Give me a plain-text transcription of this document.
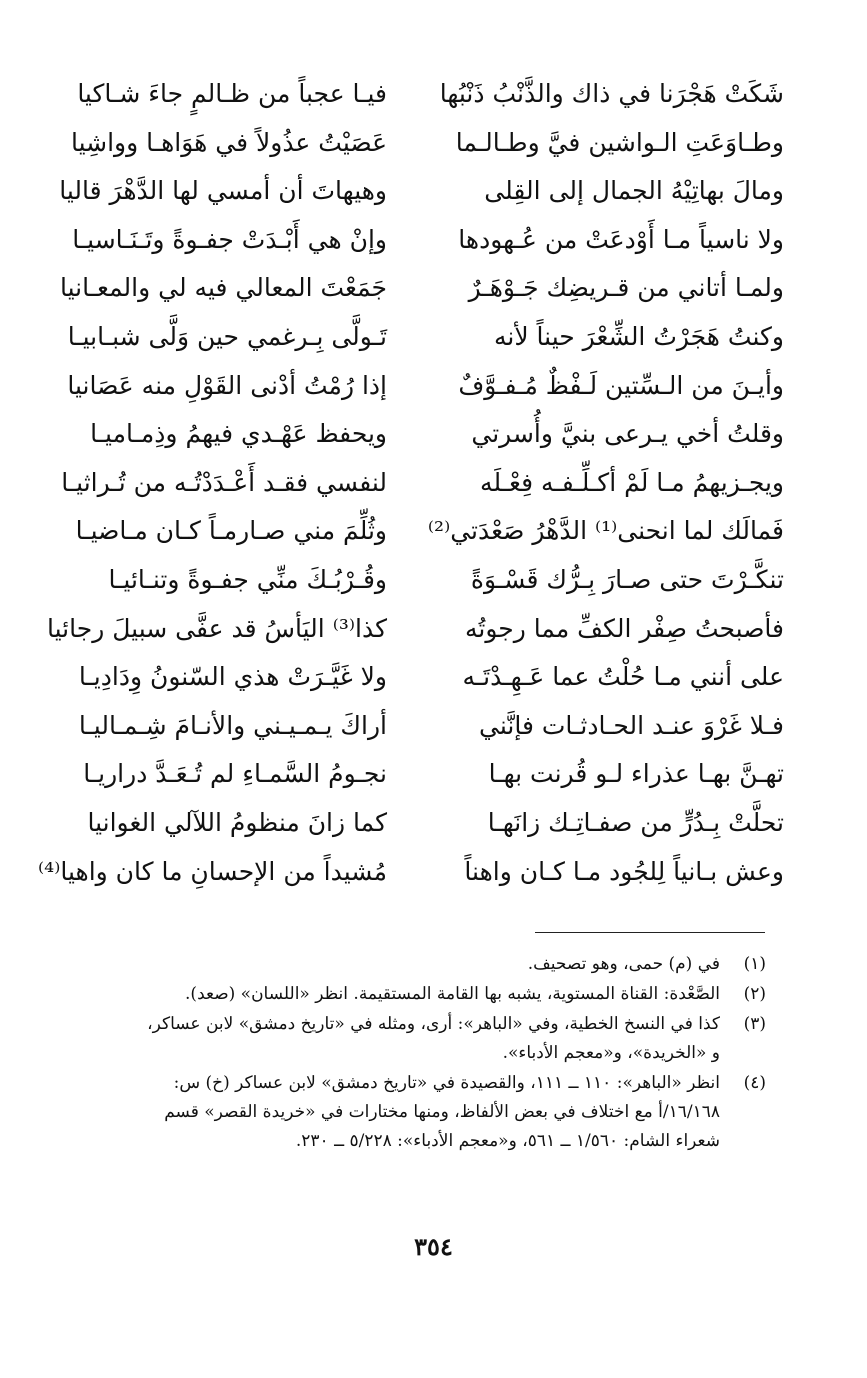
شَكَتْ هَجْرَنا في ذاك والذَّنْبُ ذَنْبُها
وطـاوَعَتِ الـواشين فيَّ وطـالـما
ومالَ بهاتِيْهُ الجمال إلى القِلى
ولا ناسياً مـا أَوْدعَتْ من عُـهودها
ولمـا أتاني من قـريضِك جَـوْهَـرٌ
وكنتُ هَجَرْتُ الشِّعْرَ حيناً لأنه
وأيـنَ من الـسِّتين لَـفْظٌ مُـفـوَّفٌ
وقلتُ أخي يـرعى بنيَّ وأُسرتي
ويجـزيهمُ مـا لَمْ أكـلِّـفـه فِعْـلَه
فَمالَك لما انحنى⁽¹⁾ الدَّهْرُ صَعْدَتي⁽²⁾
تنكَّـرْتَ حتى صـارَ بِـرُّك قَسْـوَةً
فأصبحتُ صِفْر الكفِّ مما رجوتُه
على أنني مـا حُلْتُ عما عَـهِـدْتَـه
فـلا غَرْوَ عنـد الحـادثـات فإنَّني
تهـنَّ بهـا عذراء لـو قُرنت بهـا
تحلَّتْ بِـدُرٍّ من صفـاتِـك زانَهـا
وعش بـانياً لِلجُود مـا كـان واهناً
فيـا عجباً من ظـالمٍ جاءَ شـاكيا
عَصَيْتُ عذُولاً في هَوَاهـا وواشِيا
وهيهاتَ أن أمسي لها الدَّهْرَ قاليا
وإنْ هي أَبْـدَتْ جفـوةً وتَـنَـاسيـا
جَمَعْتَ المعالي فيه لي والمعـانيا
تَـولَّى بِـرغمي حين وَلَّى شبـابيـا
إذا رُمْتُ أدْنى القَوْلِ منه عَصَانيا
ويحفظ عَهْـدي فيهمُ وذِمـاميـا
لنفسي فقـد أَعْـدَدْتُـه من تُـراثيـا
وثُلِّمَ مني صـارمـاً كـان مـاضيـا
وقُـرْبُـكَ منِّي جفـوةً وتنـائيـا
كذا⁽³⁾ اليَأسُ قد عفَّى سبيلَ رجائيا
ولا غَيَّـرَتْ هذي السّنونُ وِدَادِيـا
أراكَ يـمـيـني والأنـامَ شِـمـاليـا
نجـومُ السَّمـاءِ لم تُـعَـدَّ دراريـا
كما زانَ منظومُ اللآلي الغوانيا
مُشيداً من الإحسانِ ما كان واهيا⁽⁴⁾
(١)
في (م) حمى، وهو تصحيف.
(٢)
الصَّعْدة: القناة المستوية، يشبه بها القامة المستقيمة. انظر «اللسان» (صعد).
(٣)
كذا في النسخ الخطية، وفي «الباهر»: أرى، ومثله في «تاريخ دمشق» لابن عساكر،
و «الخريدة»، و«معجم الأدباء».
(٤)
انظر «الباهر»: ١١٠ ــ ١١١، والقصيدة في «تاريخ دمشق» لابن عساكر (خ) س:
١٦/١٦٨/أ مع اختلاف في بعض الألفاظ، ومنها مختارات في «خريدة القصر» قسم
شعراء الشام: ١/٥٦٠ ــ ٥٦١، و«معجم الأدباء»: ٥/٢٢٨ ــ ٢٣٠.
٣٥٤
